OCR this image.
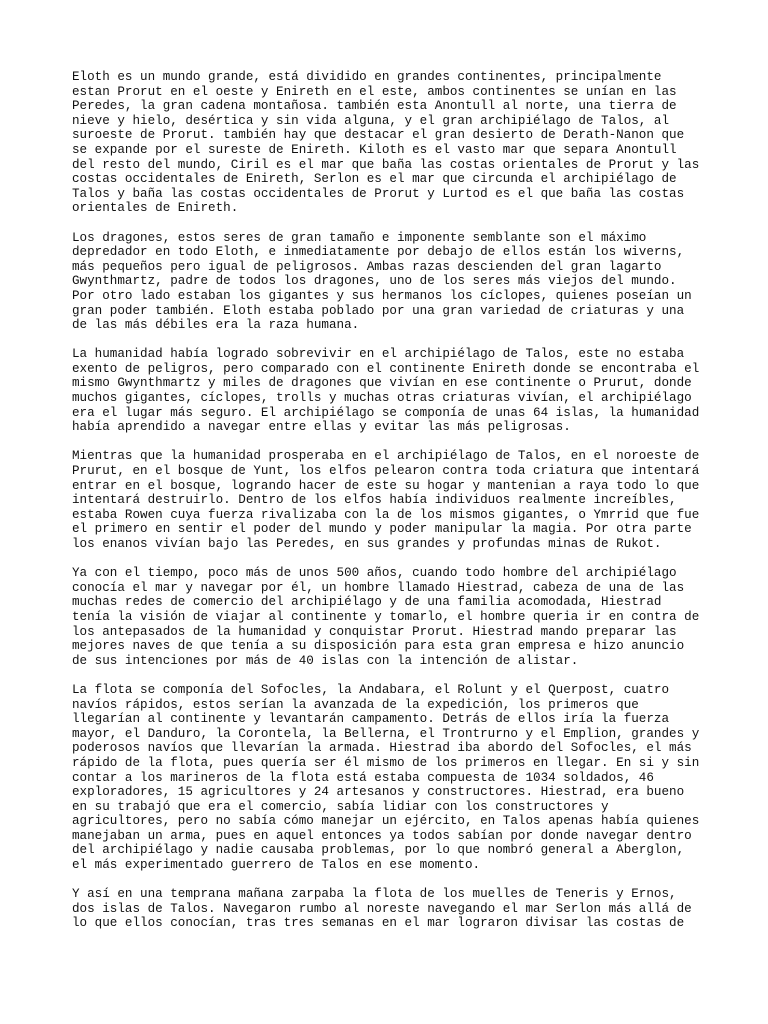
Eloth es un mundo grande, está dividido en grandes continentes, principalmente
estan Prorut en el oeste y Enireth en el este, ambos continentes se unían en las
Peredes, la gran cadena montañosa. también esta Anontull al norte, una tierra de
nieve y hielo, desértica y sin vida alguna, y el gran archipiélago de Talos, al
suroeste de Prorut. también hay que destacar el gran desierto de Derath-Nanon que
se expande por el sureste de Enireth. Kiloth es el vasto mar que separa Anontull
del resto del mundo, Ciril es el mar que baña las costas orientales de Prorut y las
costas occidentales de Enireth, Serlon es el mar que circunda el archipiélago de
Talos y baña las costas occidentales de Prorut y Lurtod es el que baña las costas
orientales de Enireth.

Los dragones, estos seres de gran tamaño e imponente semblante son el máximo
depredador en todo Eloth, e inmediatamente por debajo de ellos están los wiverns,
más pequeños pero igual de peligrosos. Ambas razas descienden del gran lagarto
Gwynthmartz, padre de todos los dragones, uno de los seres más viejos del mundo.
Por otro lado estaban los gigantes y sus hermanos los cíclopes, quienes poseían un
gran poder también. Eloth estaba poblado por una gran variedad de criaturas y una
de las más débiles era la raza humana.

La humanidad había logrado sobrevivir en el archipiélago de Talos, este no estaba
exento de peligros, pero comparado con el continente Enireth donde se encontraba el
mismo Gwynthmartz y miles de dragones que vivían en ese continente o Prurut, donde
muchos gigantes, cíclopes, trolls y muchas otras criaturas vivían, el archipiélago
era el lugar más seguro. El archipiélago se componía de unas 64 islas, la humanidad
había aprendido a navegar entre ellas y evitar las más peligrosas.

Mientras que la humanidad prosperaba en el archipiélago de Talos, en el noroeste de
Prurut, en el bosque de Yunt, los elfos pelearon contra toda criatura que intentará
entrar en el bosque, logrando hacer de este su hogar y mantenian a raya todo lo que
intentará destruirlo. Dentro de los elfos había individuos realmente increíbles,
estaba Rowen cuya fuerza rivalizaba con la de los mismos gigantes, o Ymrrid que fue
el primero en sentir el poder del mundo y poder manipular la magia. Por otra parte
los enanos vivían bajo las Peredes, en sus grandes y profundas minas de Rukot.

Ya con el tiempo, poco más de unos 500 años, cuando todo hombre del archipiélago
conocía el mar y navegar por él, un hombre llamado Hiestrad, cabeza de una de las
muchas redes de comercio del archipiélago y de una familia acomodada, Hiestrad
tenía la visión de viajar al continente y tomarlo, el hombre queria ir en contra de
los antepasados de la humanidad y conquistar Prorut. Hiestrad mando preparar las
mejores naves de que tenía a su disposición para esta gran empresa e hizo anuncio
de sus intenciones por más de 40 islas con la intención de alistar.

La flota se componía del Sofocles, la Andabara, el Rolunt y el Querpost, cuatro
navíos rápidos, estos serían la avanzada de la expedición, los primeros que
llegarían al continente y levantarán campamento. Detrás de ellos iría la fuerza
mayor, el Danduro, la Corontela, la Bellerna, el Trontrurno y el Emplion, grandes y
poderosos navíos que llevarían la armada. Hiestrad iba abordo del Sofocles, el más
rápido de la flota, pues quería ser él mismo de los primeros en llegar. En si y sin
contar a los marineros de la flota está estaba compuesta de 1034 soldados, 46
exploradores, 15 agricultores y 24 artesanos y constructores. Hiestrad, era bueno
en su trabajó que era el comercio, sabía lidiar con los constructores y
agricultores, pero no sabía cómo manejar un ejército, en Talos apenas había quienes
manejaban un arma, pues en aquel entonces ya todos sabían por donde navegar dentro
del archipiélago y nadie causaba problemas, por lo que nombró general a Aberglon,
el más experimentado guerrero de Talos en ese momento.

Y así en una temprana mañana zarpaba la flota de los muelles de Teneris y Ernos,
dos islas de Talos. Navegaron rumbo al noreste navegando el mar Serlon más allá de
lo que ellos conocían, tras tres semanas en el mar lograron divisar las costas de
